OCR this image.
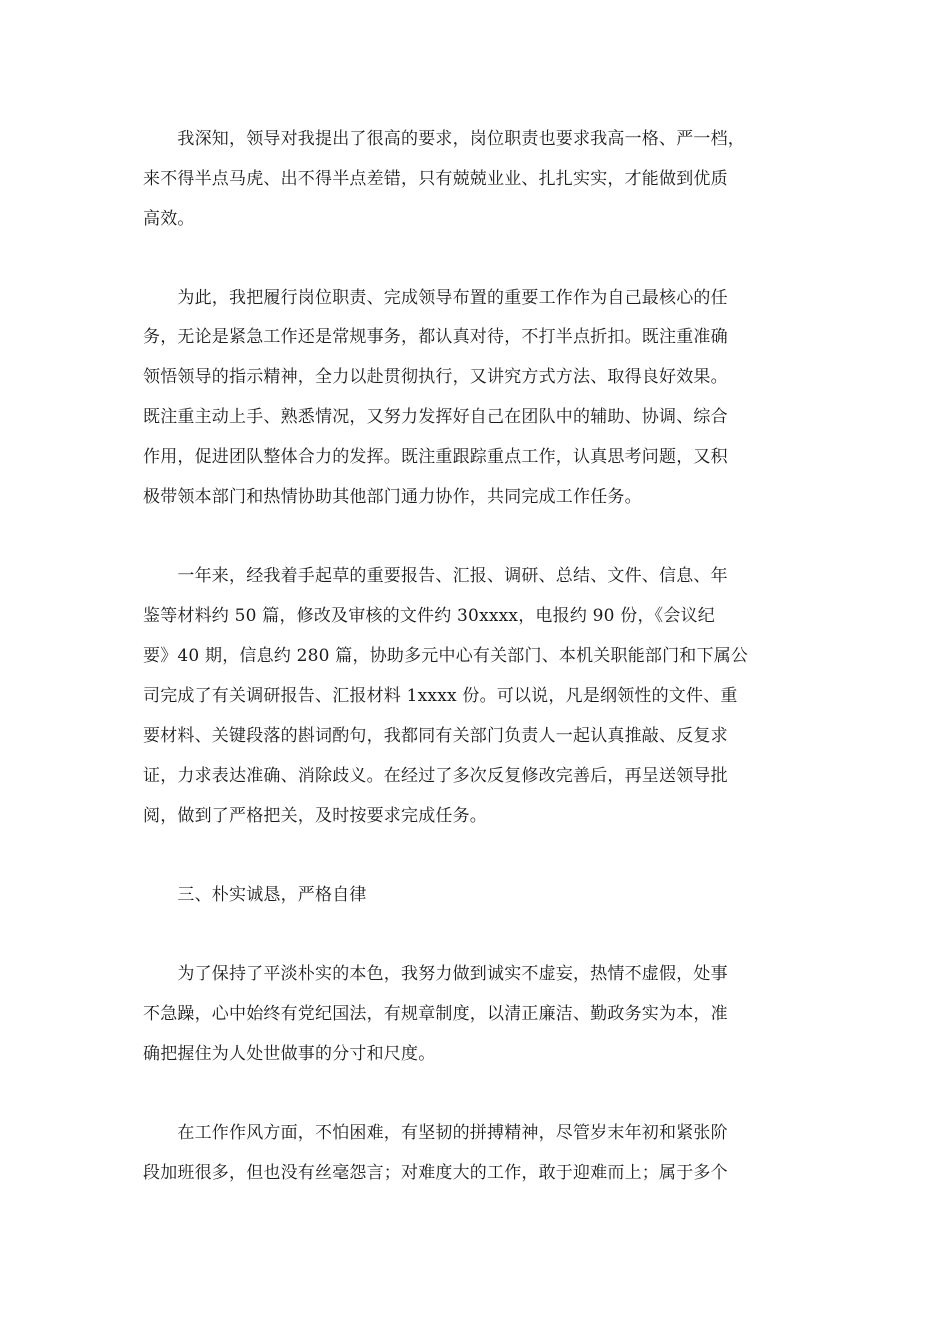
　　我深知，领导对我提出了很高的要求，岗位职责也要求我高一格、严一档，
来不得半点马虎、出不得半点差错，只有兢兢业业、扎扎实实，才能做到优质
高效。
　　为此，我把履行岗位职责、完成领导布置的重要工作作为自己最核心的任
务，无论是紧急工作还是常规事务，都认真对待，不打半点折扣。既注重准确
领悟领导的指示精神，全力以赴贯彻执行，又讲究方式方法、取得良好效果。
既注重主动上手、熟悉情况，又努力发挥好自己在团队中的辅助、协调、综合
作用，促进团队整体合力的发挥。既注重跟踪重点工作，认真思考问题，又积
极带领本部门和热情协助其他部门通力协作，共同完成工作任务。
　　一年来，经我着手起草的重要报告、汇报、调研、总结、文件、信息、年
鉴等材料约 50 篇，修改及审核的文件约 30xxxx，电报约 90 份，《会议纪
要》40 期，信息约 280 篇，协助多元中心有关部门、本机关职能部门和下属公
司完成了有关调研报告、汇报材料 1xxxx 份。可以说，凡是纲领性的文件、重
要材料、关键段落的斟词酌句，我都同有关部门负责人一起认真推敲、反复求
证，力求表达准确、消除歧义。在经过了多次反复修改完善后，再呈送领导批
阅，做到了严格把关，及时按要求完成任务。
　　三、朴实诚恳，严格自律
　　为了保持了平淡朴实的本色，我努力做到诚实不虚妄，热情不虚假，处事
不急躁，心中始终有党纪国法，有规章制度，以清正廉洁、勤政务实为本，准
确把握住为人处世做事的分寸和尺度。
　　在工作作风方面，不怕困难，有坚韧的拼搏精神，尽管岁末年初和紧张阶
段加班很多，但也没有丝毫怨言；对难度大的工作，敢于迎难而上；属于多个
